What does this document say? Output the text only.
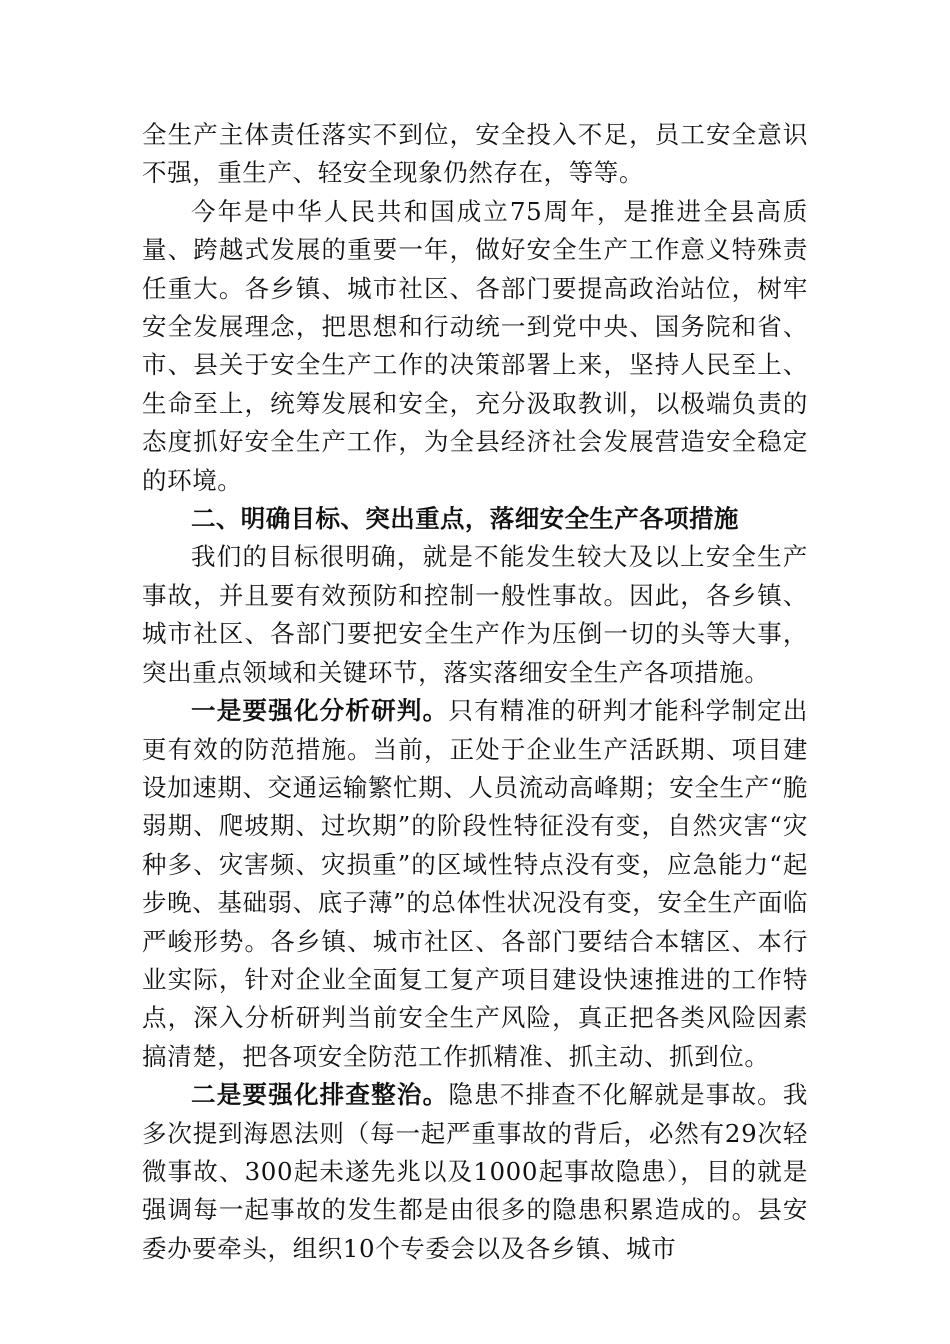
全生产主体责任落实不到位，安全投入不足，员工安全意识不强，重生产、轻安全现象仍然存在，等等。

今年是中华人民共和国成立75周年，是推进全县高质量、跨越式发展的重要一年，做好安全生产工作意义特殊责任重大。各乡镇、城市社区、各部门要提高政治站位，树牢安全发展理念，把思想和行动统一到党中央、国务院和省、市、县关于安全生产工作的决策部署上来，坚持人民至上、生命至上，统筹发展和安全，充分汲取教训，以极端负责的态度抓好安全生产工作，为全县经济社会发展营造安全稳定的环境。

二、明确目标、突出重点，落细安全生产各项措施

我们的目标很明确，就是不能发生较大及以上安全生产事故，并且要有效预防和控制一般性事故。因此，各乡镇、城市社区、各部门要把安全生产作为压倒一切的头等大事，突出重点领域和关键环节，落实落细安全生产各项措施。

一是要强化分析研判。只有精准的研判才能科学制定出更有效的防范措施。当前，正处于企业生产活跃期、项目建设加速期、交通运输繁忙期、人员流动高峰期；安全生产“脆弱期、爬坡期、过坎期”的阶段性特征没有变，自然灾害“灾种多、灾害频、灾损重”的区域性特点没有变，应急能力“起步晚、基础弱、底子薄”的总体性状况没有变，安全生产面临严峻形势。各乡镇、城市社区、各部门要结合本辖区、本行业实际，针对企业全面复工复产项目建设快速推进的工作特点，深入分析研判当前安全生产风险，真正把各类风险因素搞清楚，把各项安全防范工作抓精准、抓主动、抓到位。

二是要强化排查整治。隐患不排查不化解就是事故。我多次提到海恩法则（每一起严重事故的背后，必然有29次轻微事故、300起未遂先兆以及1000起事故隐患），目的就是强调每一起事故的发生都是由很多的隐患积累造成的。县安委办要牵头，组织10个专委会以及各乡镇、城市
